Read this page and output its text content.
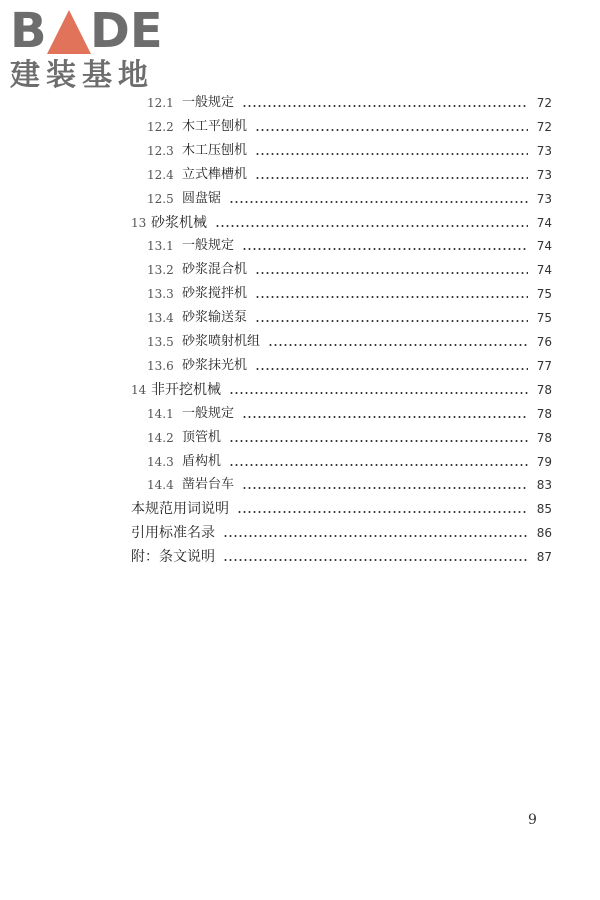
B DE
建装基地
12.1 一般规定	72
12.2 木工平刨机	72
12.3 木工压刨机	73
12.4 立式榫槽机	73
12.5 圆盘锯	73
13 砂浆机械	74
13.1 一般规定	74
13.2 砂浆混合机	74
13.3 砂浆搅拌机	75
13.4 砂浆输送泵	75
13.5 砂浆喷射机组	76
13.6 砂浆抹光机	77
14 非开挖机械	78
14.1 一般规定	78
14.2 顶管机	78
14.3 盾构机	79
14.4 凿岩台车	83
本规范用词说明	85
引用标准名录	86
附：条文说明	87
9
